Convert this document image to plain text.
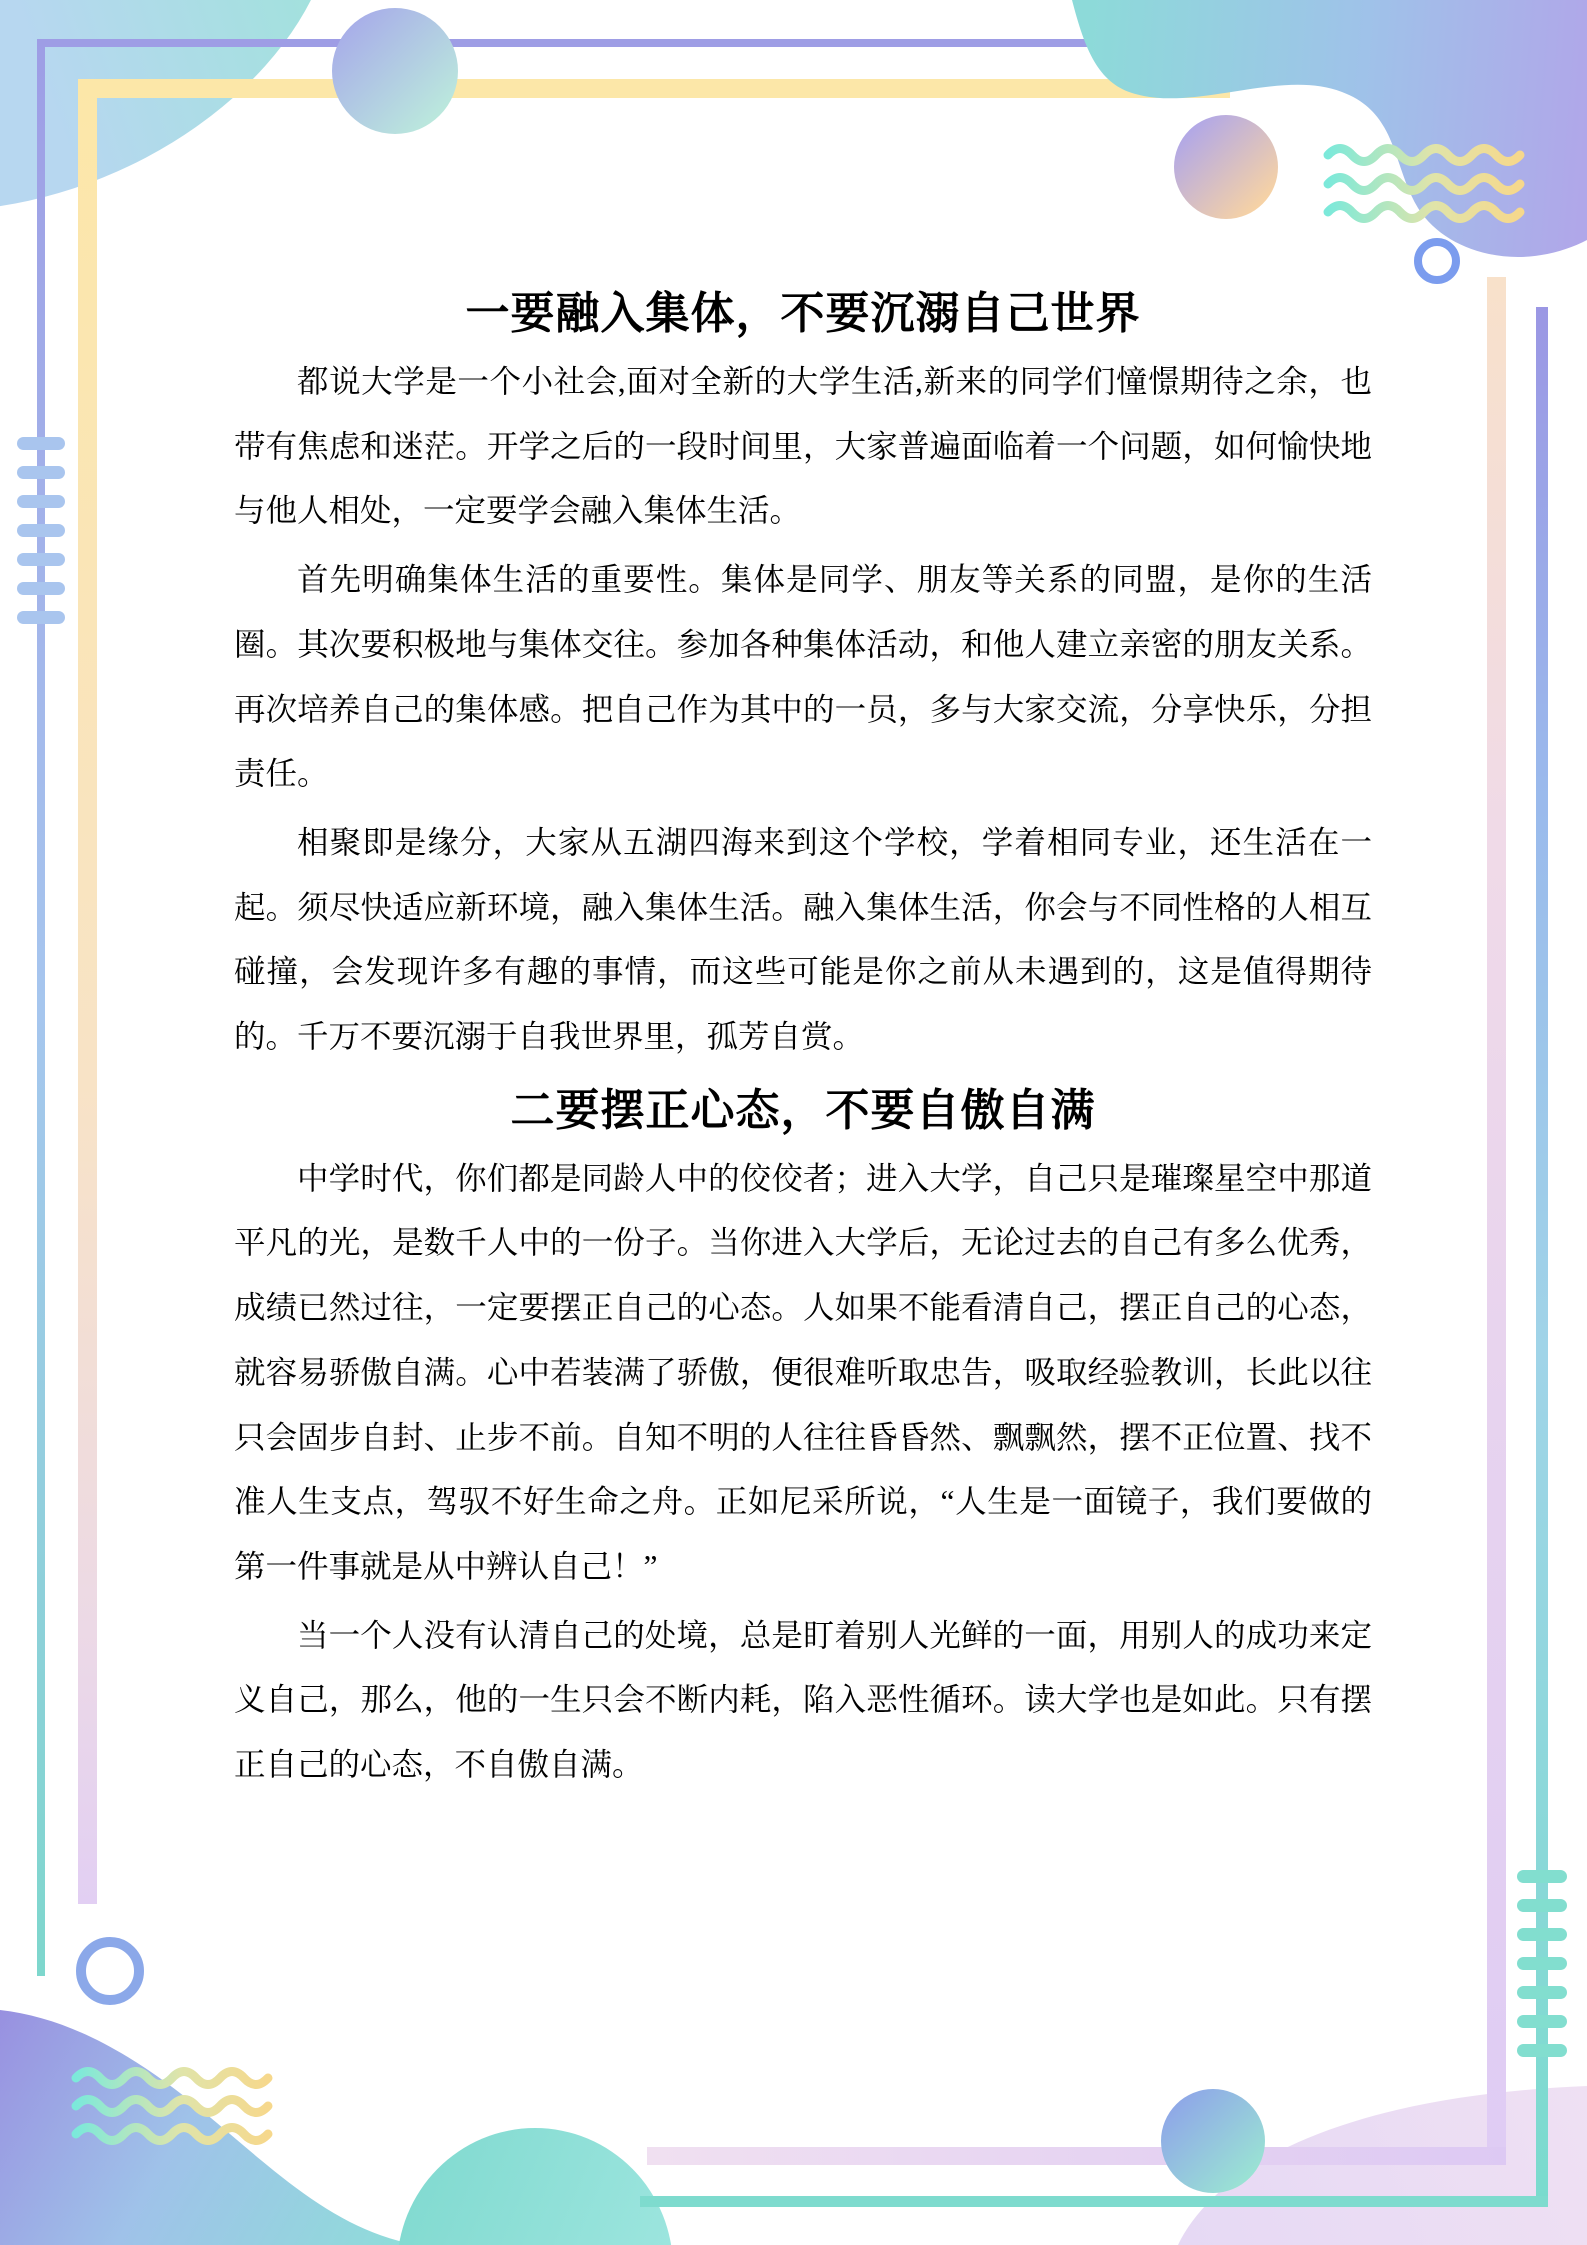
一要融入集体，不要沉溺自己世界

都说大学是一个小社会,面对全新的大学生活,新来的同学们憧憬期待之余，也带有焦虑和迷茫。开学之后的一段时间里，大家普遍面临着一个问题，如何愉快地与他人相处，一定要学会融入集体生活。

首先明确集体生活的重要性。集体是同学、朋友等关系的同盟，是你的生活圈。其次要积极地与集体交往。参加各种集体活动，和他人建立亲密的朋友关系。再次培养自己的集体感。把自己作为其中的一员，多与大家交流，分享快乐，分担责任。

相聚即是缘分，大家从五湖四海来到这个学校，学着相同专业，还生活在一起。须尽快适应新环境，融入集体生活。融入集体生活，你会与不同性格的人相互碰撞，会发现许多有趣的事情，而这些可能是你之前从未遇到的，这是值得期待的。千万不要沉溺于自我世界里，孤芳自赏。

二要摆正心态，不要自傲自满

中学时代，你们都是同龄人中的佼佼者；进入大学，自己只是璀璨星空中那道平凡的光，是数千人中的一份子。当你进入大学后，无论过去的自己有多么优秀，成绩已然过往，一定要摆正自己的心态。人如果不能看清自己，摆正自己的心态，就容易骄傲自满。心中若装满了骄傲，便很难听取忠告，吸取经验教训，长此以往只会固步自封、止步不前。自知不明的人往往昏昏然、飘飘然，摆不正位置、找不准人生支点，驾驭不好生命之舟。正如尼采所说，“人生是一面镜子，我们要做的第一件事就是从中辨认自己！”

当一个人没有认清自己的处境，总是盯着别人光鲜的一面，用别人的成功来定义自己，那么，他的一生只会不断内耗，陷入恶性循环。读大学也是如此。只有摆正自己的心态，不自傲自满。
